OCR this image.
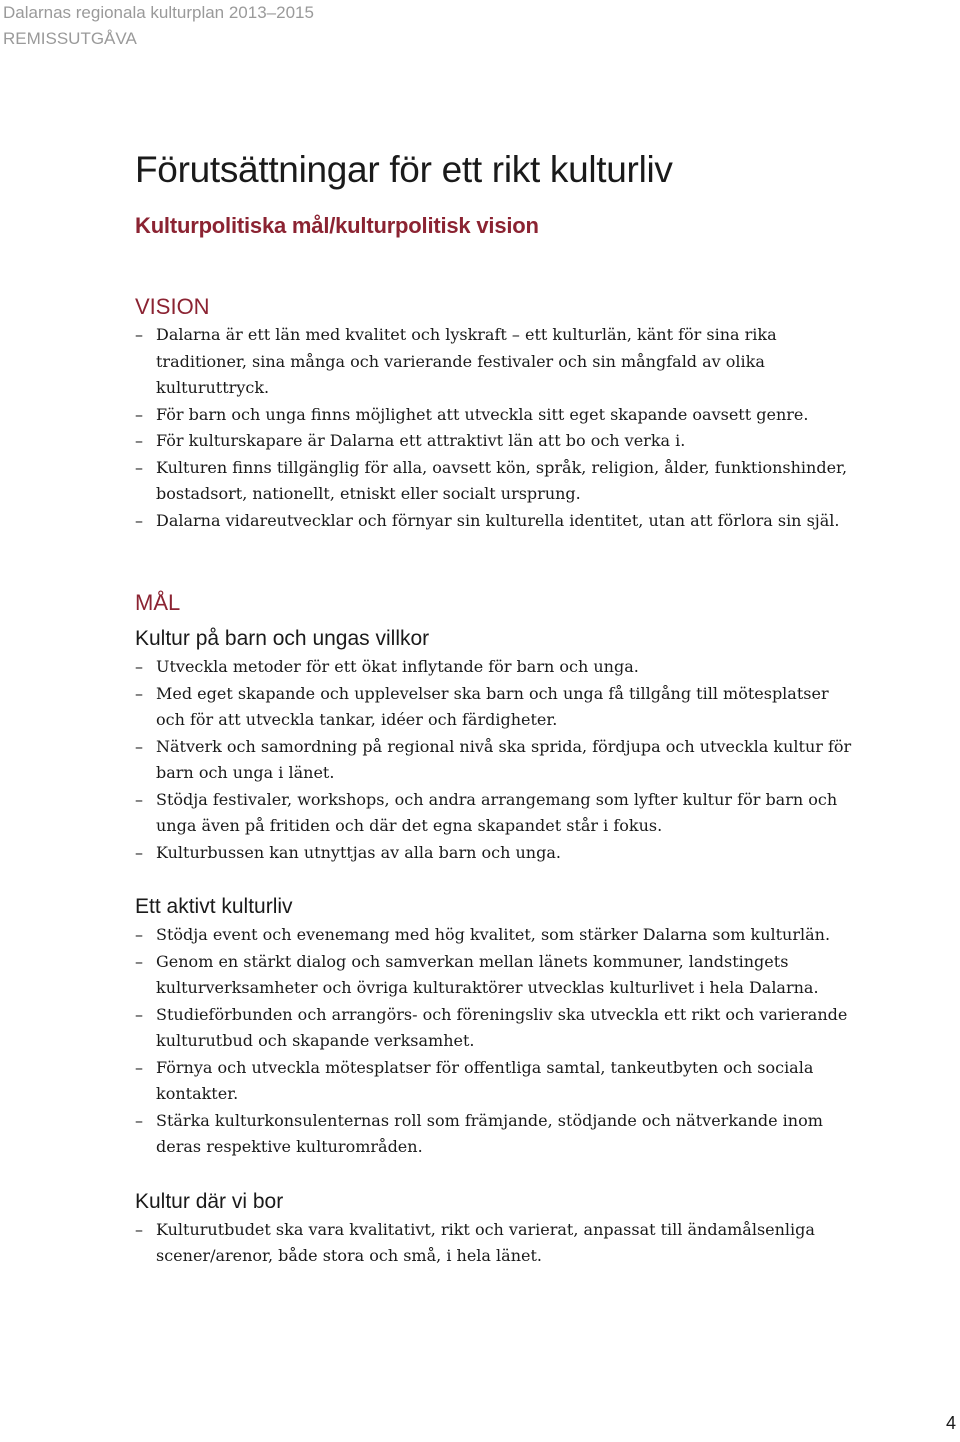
Dalarnas regionala kulturplan 2013–2015
REMISSUTGÅVA
Förutsättningar för ett rikt kulturliv
Kulturpolitiska mål/kulturpolitisk vision
VISION
– Dalarna är ett län med kvalitet och lyskraft – ett kulturlän, känt för sina rika traditioner, sina många och varierande festivaler och sin mångfald av olika kulturuttryck.
– För barn och unga finns möjlighet att utveckla sitt eget skapande oavsett genre.
– För kulturskapare är Dalarna ett attraktivt län att bo och verka i.
– Kulturen finns tillgänglig för alla, oavsett kön, språk, religion, ålder, funktionshinder, bostadsort, nationellt, etniskt eller socialt ursprung.
– Dalarna vidareutvecklar och förnyar sin kulturella identitet, utan att förlora sin själ.
MÅL
Kultur på barn och ungas villkor
– Utveckla metoder för ett ökat inflytande för barn och unga.
– Med eget skapande och upplevelser ska barn och unga få tillgång till mötesplatser och för att utveckla tankar, idéer och färdigheter.
– Nätverk och samordning på regional nivå ska sprida, fördjupa och utveckla kultur för barn och unga i länet.
– Stödja festivaler, workshops, och andra arrangemang som lyfter kultur för barn och unga även på fritiden och där det egna skapandet står i fokus.
– Kulturbussen kan utnyttjas av alla barn och unga.
Ett aktivt kulturliv
– Stödja event och evenemang med hög kvalitet, som stärker Dalarna som kulturlän.
– Genom en stärkt dialog och samverkan mellan länets kommuner, landstingets kulturverksamheter och övriga kulturaktörer utvecklas kulturlivet i hela Dalarna.
– Studieförbunden och arrangörs- och föreningsliv ska utveckla ett rikt och varierande kulturutbud och skapande verksamhet.
– Förnya och utveckla mötesplatser för offentliga samtal, tankeutbyten och sociala kontakter.
– Stärka kulturkonsulenternas roll som främjande, stödjande och nätverkande inom deras respektive kulturområden.
Kultur där vi bor
– Kulturutbudet ska vara kvalitativt, rikt och varierat, anpassat till ändamålsenliga scener/arenor, både stora och små, i hela länet.
4
